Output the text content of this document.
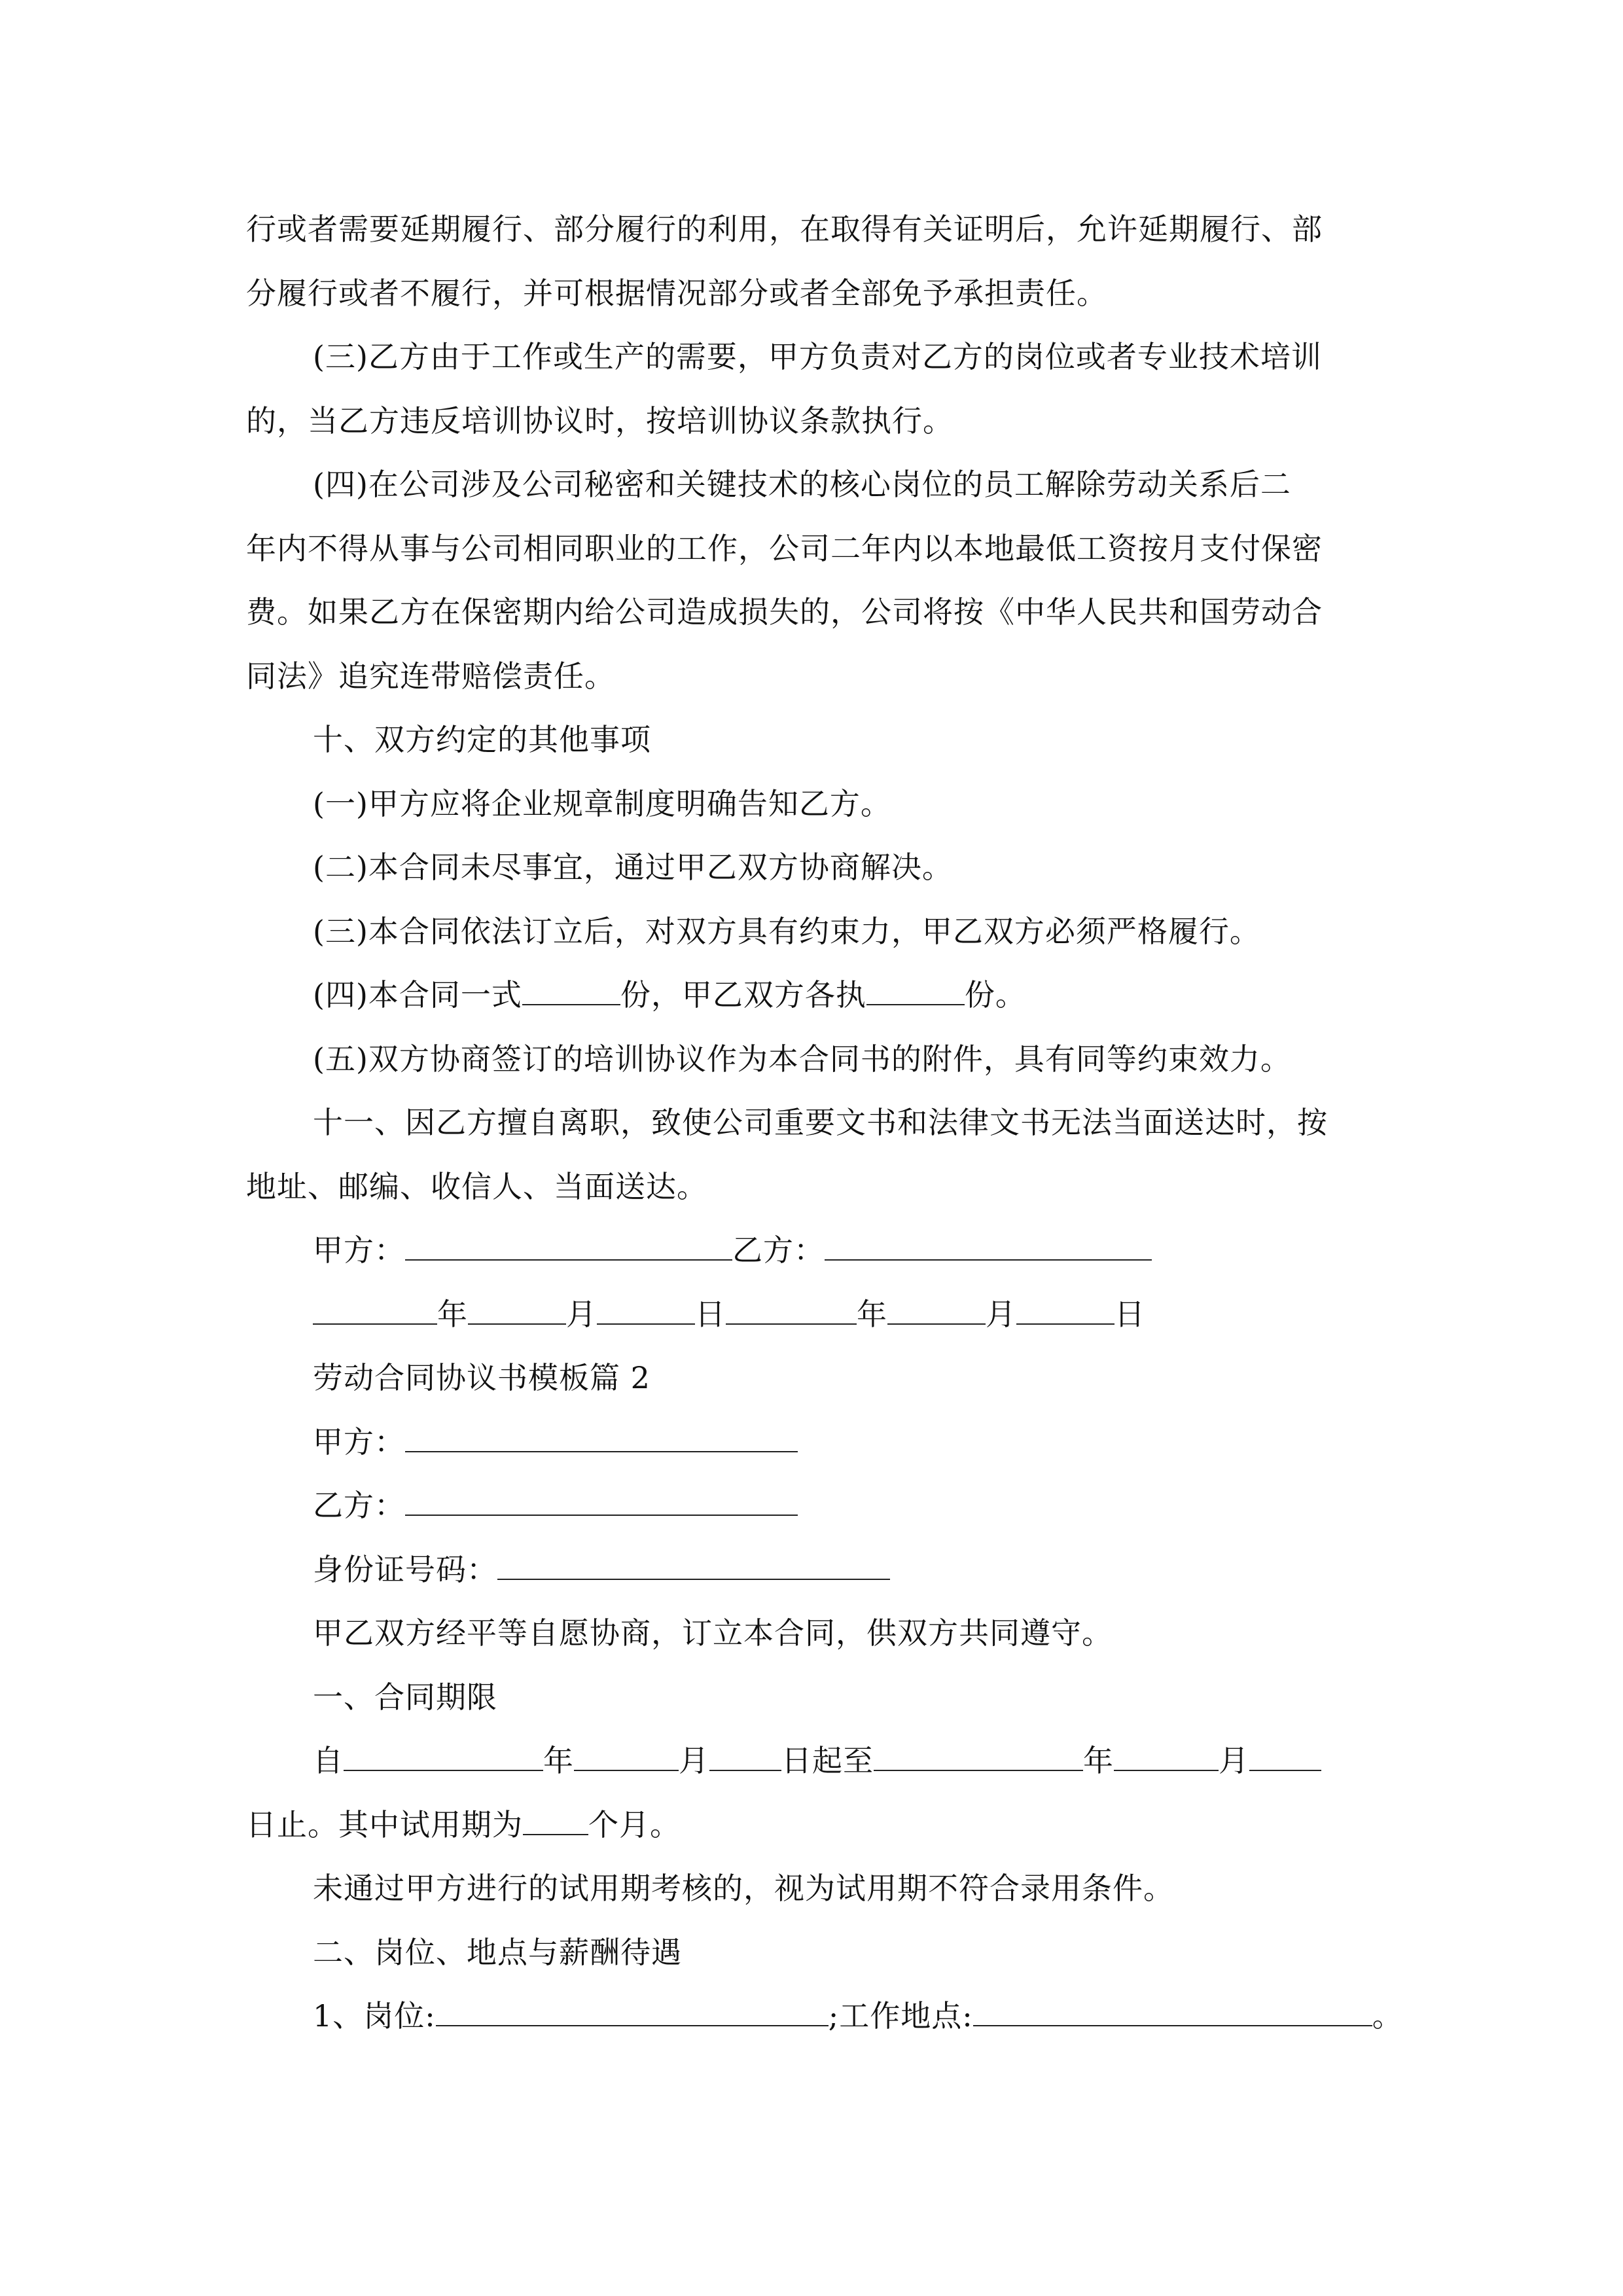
行或者需要延期履行、部分履行的利用，在取得有关证明后，允许延期履行、部
分履行或者不履行，并可根据情况部分或者全部免予承担责任。
(三)乙方由于工作或生产的需要，甲方负责对乙方的岗位或者专业技术培训
的，当乙方违反培训协议时，按培训协议条款执行。
(四)在公司涉及公司秘密和关键技术的核心岗位的员工解除劳动关系后二
年内不得从事与公司相同职业的工作，公司二年内以本地最低工资按月支付保密
费。如果乙方在保密期内给公司造成损失的，公司将按《中华人民共和国劳动合
同法》追究连带赔偿责任。
十、双方约定的其他事项
(一)甲方应将企业规章制度明确告知乙方。
(二)本合同未尽事宜，通过甲乙双方协商解决。
(三)本合同依法订立后，对双方具有约束力，甲乙双方必须严格履行。
(四)本合同一式	份，甲乙双方各执	份。
(五)双方协商签订的培训协议作为本合同书的附件，具有同等约束效力。
十一、因乙方擅自离职，致使公司重要文书和法律文书无法当面送达时，按
地址、邮编、收信人、当面送达。
甲方：	乙方：
年	月	日	年	月	日
劳动合同协议书模板篇 2
甲方：
乙方：
身份证号码：
甲乙双方经平等自愿协商，订立本合同，供双方共同遵守。
一、合同期限
自	年	月 日起至	年	月
日止。其中试用期为 个月。
未通过甲方进行的试用期考核的，视为试用期不符合录用条件。
二、岗位、地点与薪酬待遇
1、岗位:	;工作地点:	。
